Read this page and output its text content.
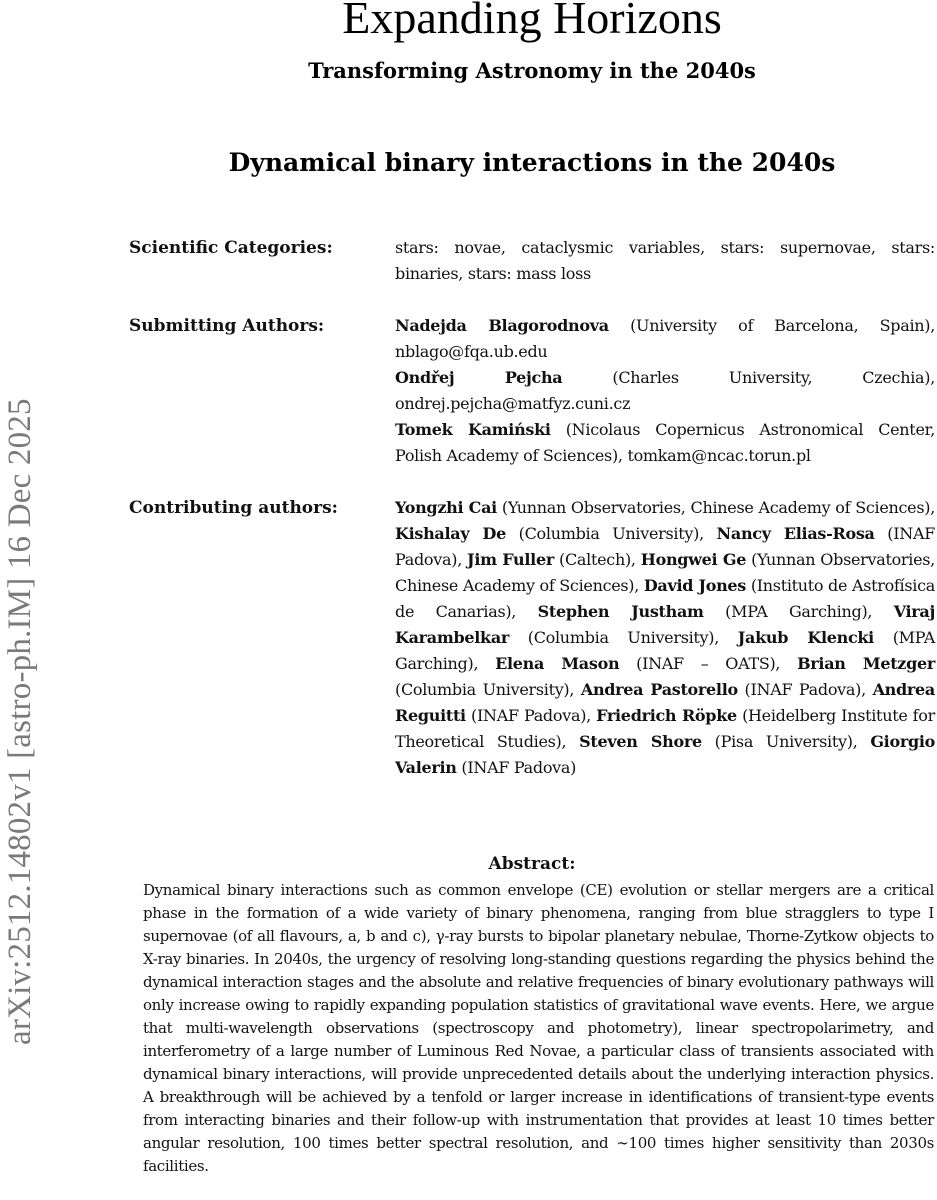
arXiv:2512.14802v1 [astro-ph.IM] 16 Dec 2025
Expanding Horizons
Transforming Astronomy in the 2040s
Dynamical binary interactions in the 2040s
Scientific Categories:	stars: novae, cataclysmic variables, stars: supernovae, stars: binaries, stars: mass loss
Submitting Authors:	Nadejda Blagorodnova (University of Barcelona, Spain), nblago@fqa.ub.edu
Ondřej Pejcha (Charles University, Czechia), ondrej.pejcha@matfyz.cuni.cz
Tomek Kamiński (Nicolaus Copernicus Astronomical Center, Polish Academy of Sciences), tomkam@ncac.torun.pl
Contributing authors:	Yongzhi Cai (Yunnan Observatories, Chinese Academy of Sciences), Kishalay De (Columbia University), Nancy Elias-Rosa (INAF Padova), Jim Fuller (Caltech), Hongwei Ge (Yunnan Observatories, Chinese Academy of Sciences), David Jones (Instituto de Astrofísica de Canarias), Stephen Justham (MPA Garching), Viraj Karambelkar (Columbia University), Jakub Klencki (MPA Garching), Elena Mason (INAF – OATS), Brian Metzger (Columbia University), Andrea Pastorello (INAF Padova), Andrea Reguitti (INAF Padova), Friedrich Röpke (Heidelberg Institute for Theoretical Studies), Steven Shore (Pisa University), Giorgio Valerin (INAF Padova)
Abstract:
Dynamical binary interactions such as common envelope (CE) evolution or stellar mergers are a critical phase in the formation of a wide variety of binary phenomena, ranging from blue stragglers to type I supernovae (of all flavours, a, b and c), γ-ray bursts to bipolar planetary nebulae, Thorne-Zytkow objects to X-ray binaries. In 2040s, the urgency of resolving long-standing questions regarding the physics behind the dynamical interaction stages and the absolute and relative frequencies of binary evolutionary pathways will only increase owing to rapidly expanding population statistics of gravitational wave events. Here, we argue that multi-wavelength observations (spectroscopy and photometry), linear spectropolarimetry, and interferometry of a large number of Luminous Red Novae, a particular class of transients associated with dynamical binary interactions, will provide unprecedented details about the underlying interaction physics. A breakthrough will be achieved by a tenfold or larger increase in identifications of transient-type events from interacting binaries and their follow-up with instrumentation that provides at least 10 times better angular resolution, 100 times better spectral resolution, and ∼100 times higher sensitivity than 2030s facilities.
